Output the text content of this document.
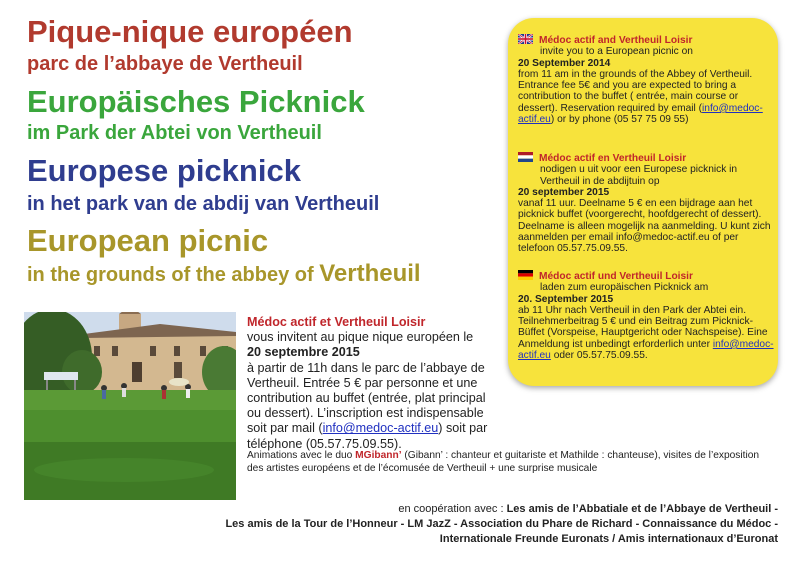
Pique-nique européen
parc de l’abbaye de Vertheuil
Europäisches Picknick
im Park der Abtei von Vertheuil
Europese picknick
in het park van de abdij van Vertheuil
European picnic
in the grounds of the abbey of Vertheuil
Médoc actif and Vertheuil Loisir
invite you to a European picnic on
20 September 2014
from 11 am in the grounds of the Abbey of Vertheuil. Entrance fee 5€ and you are expected to bring a contribution to the buffet ( entrée, main course or dessert). Reservation required by email (info@medoc-actif.eu) or by phone (05 57 75 09 55)
Médoc actif en Vertheuil Loisir
nodigen u uit voor een Europese picknick in Vertheuil in de abdijtuin op
20 september 2015
vanaf 11 uur. Deelname 5 € en een bijdrage aan het picknick buffet (voorgerecht, hoofdgerecht of dessert). Deelname is alleen mogelijk na aanmelding. U kunt zich aanmelden per email info@medoc-actif.eu of per telefoon 05.57.75.09.55.
Médoc actif und Vertheuil Loisir
laden zum europäischen Picknick am
20. September 2015
ab 11 Uhr nach Vertheuil in den Park der Abtei ein. Teilnehmerbeitrag 5 € und ein Beitrag zum Picknick-Büffet (Vorspeise, Hauptgericht oder Nachspeise). Eine Anmeldung ist unbedingt erforderlich unter info@medoc-actif.eu oder 05.57.75.09.55.
Médoc actif et Vertheuil Loisir
vous invitent au pique nique européen le
20 septembre 2015
à partir de 11h dans le parc de l’abbaye de Vertheuil. Entrée 5 € par personne et une contribution au buffet (entrée, plat principal ou dessert). L’inscription est indispensable soit par mail (info@medoc-actif.eu) soit par téléphone (05.57.75.09.55).
Animations avec le duo MGibann’ (Gibann’ : chanteur et guitariste et Mathilde : chanteuse), visites de l’exposition des artistes européens et de l’écomusée de Vertheuil + une surprise musicale
en coopération avec : Les amis de l’Abbatiale et de l’Abbaye de Vertheuil -
Les amis de la Tour de l’Honneur - LM JazZ - Association du Phare de Richard - Connaissance du Médoc -
Internationale Freunde Euronats / Amis internationaux d’Euronat
